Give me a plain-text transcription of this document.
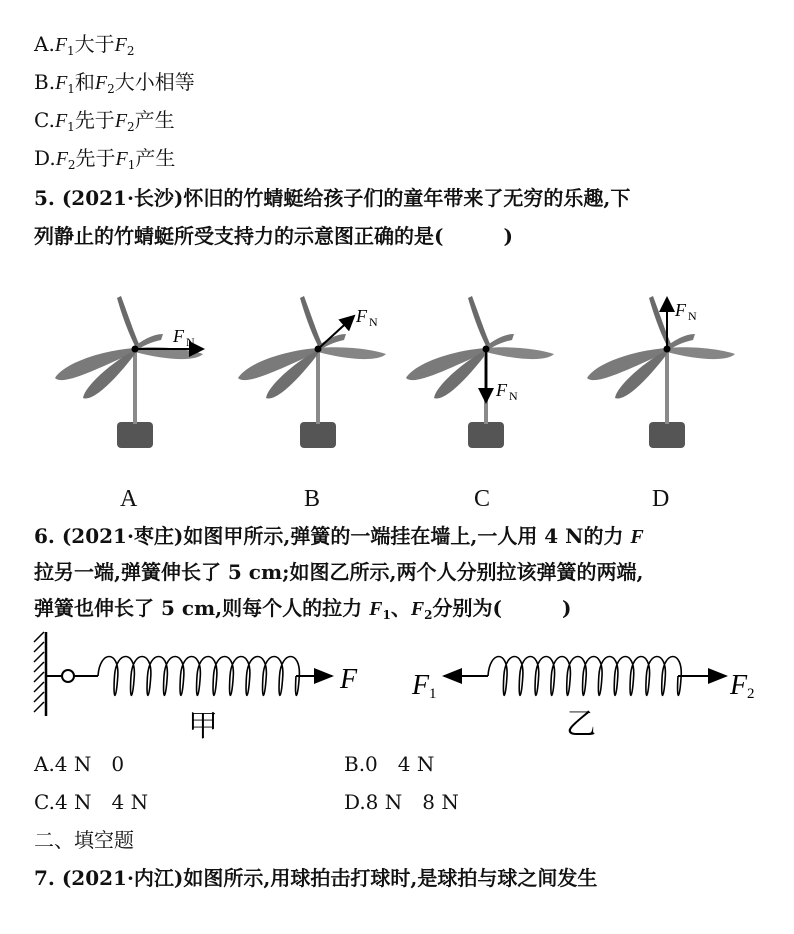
$A.F_1$大于$F_2$
$B.F_1$和$F_2$大小相等
$C.F_1$先于$F_2$产生
$D.F_2$先于$F_1$产生
5. (2021·长沙)怀旧的竹蜻蜓给孩子们的童年带来了无穷的乐趣,下
列静止的竹蜻蜓所受支持力的示意图正确的是(　　　)
F N
F N
F N
F N
A	B	C	D
6. (2021·枣庄)如图甲所示,弹簧的一端挂在墙上,一人用 4 N的力 F
拉另一端,弹簧伸长了 5 cm;如图乙所示,两个人分别拉该弹簧的两端,
弹簧也伸长了 5 cm,则每个人的拉力 $F_1$、$F_2$分别为(　　　)
F
甲
F 1	F 2
乙
A.4 N　0	B.0　4 N
C.4 N　4 N	D.8 N　8 N
二、填空题
7. (2021·内江)如图所示,用球拍击打球时,是球拍与球之间发生
